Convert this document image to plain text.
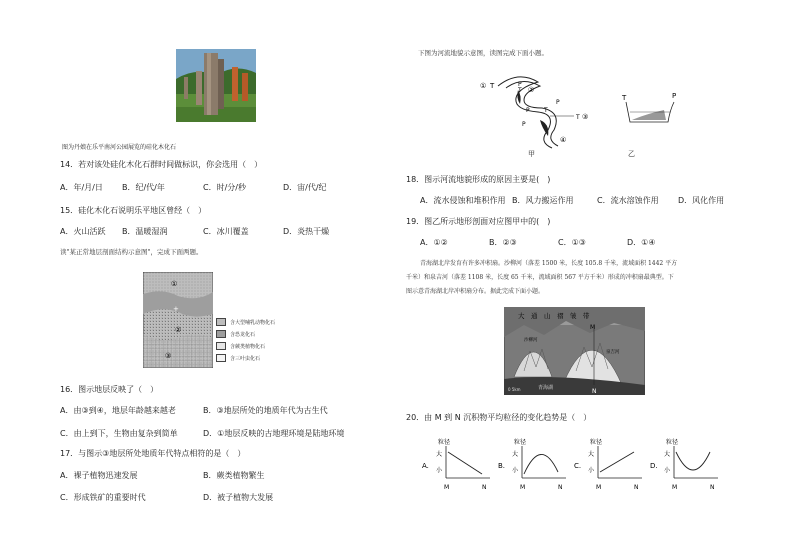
图为丹娘在乐平南河公园展览的硅化木化石
14．若对该处硅化木化石群时间做标识，你会选用（　）
A．年/月/日 B．纪/代/年	C．时/分/秒	D．宙/代/纪
15．硅化木化石说明乐平地区曾经（　）
A．火山活跃 B．温暖湿润	C．冰川覆盖	D．炎热干燥
读"某正常地层剖面结构示意图"，完成下面两题。
①
+
②
③
含大型哺乳动物化石
含恐龙化石
含蕨类植物化石
含三叶虫化石
16．图示地层反映了（　）
A．由③到④，地层年龄越来越老	B．③地层所处的地质年代为古生代
C．由上到下，生物由复杂到简单	D．①地层反映的古地理环境是陆地环境
17．与图示③地层所处地质年代特点相符的是（　）
A．裸子植物迅速发展	B．蕨类植物繁生
C．形成铁矿的重要时代	D．被子植物大发展
下图为河流地貌示意图，读图完成下面小题。
① T
T
P
②
P T
P
P
T ③
④
T	P
甲	乙
18．图示河流地貌形成的原因主要是(　)
A．流水侵蚀和堆积作用 B．风力搬运作用	C．流水溶蚀作用 D．风化作用
19．图乙所示地形剖面对应图甲中的(　)
A．①②	B．②③	C．①③	D．①④
青海湖北岸发育有许多冲积扇。沙柳河（落差 1500 米，长度 105.8 千米，流域面积 1442 平方
千米）和泉吉河（落差 1108 米，长度 65 千米，流域面积 567 平方千米）形成的冲积扇最典型。下
图示意青海湖北岸冲积扇分布。据此完成下面小题。
大　通　山　褶　皱　带
M
N
沙柳河
泉吉河
青海湖
0 5km
20．由 M 到 N 沉积物平均粒径的变化趋势是（　）
A.
粒径
大
小
M	N
B.
粒径
大
小
M	N
C.
粒径
大
小
M	N
D.
粒径
大
小
M	N
